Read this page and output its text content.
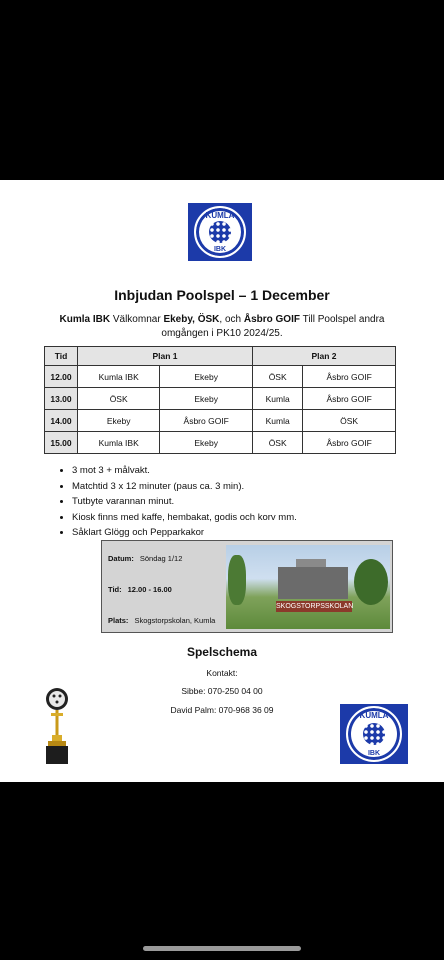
KUMLA
IBK
Inbjudan Poolspel – 1 December
Kumla IBK Välkomnar Ekeby, ÖSK, och Åsbro GOIF Till Poolspel andra omgången i PK10 2024/25.
Tid	Plan 1		Plan 2	
12.00	Kumla IBK	Ekeby	ÖSK	Åsbro GOIF
13.00	ÖSK	Ekeby	Kumla	Åsbro GOIF
14.00	Ekeby	Åsbro GOIF	Kumla	ÖSK
15.00	Kumla IBK	Ekeby	ÖSK	Åsbro GOIF
• 3 mot 3 + målvakt.
• Matchtid 3 x 12 minuter (paus ca. 3 min).
• Tutbyte varannan minut.
• Kiosk finns med kaffe, hembakat, godis och korv mm.
• Såklart Glögg och Pepparkakor
Datum: Söndag 1/12
Tid: 12.00 - 16.00
Plats: Skogstorpskolan, Kumla
SKOGSTORPSSKOLAN
Spelschema
Kontakt:
Sibbe: 070-250 04 00
David Palm: 070-968 36 09
KUMLA
IBK
